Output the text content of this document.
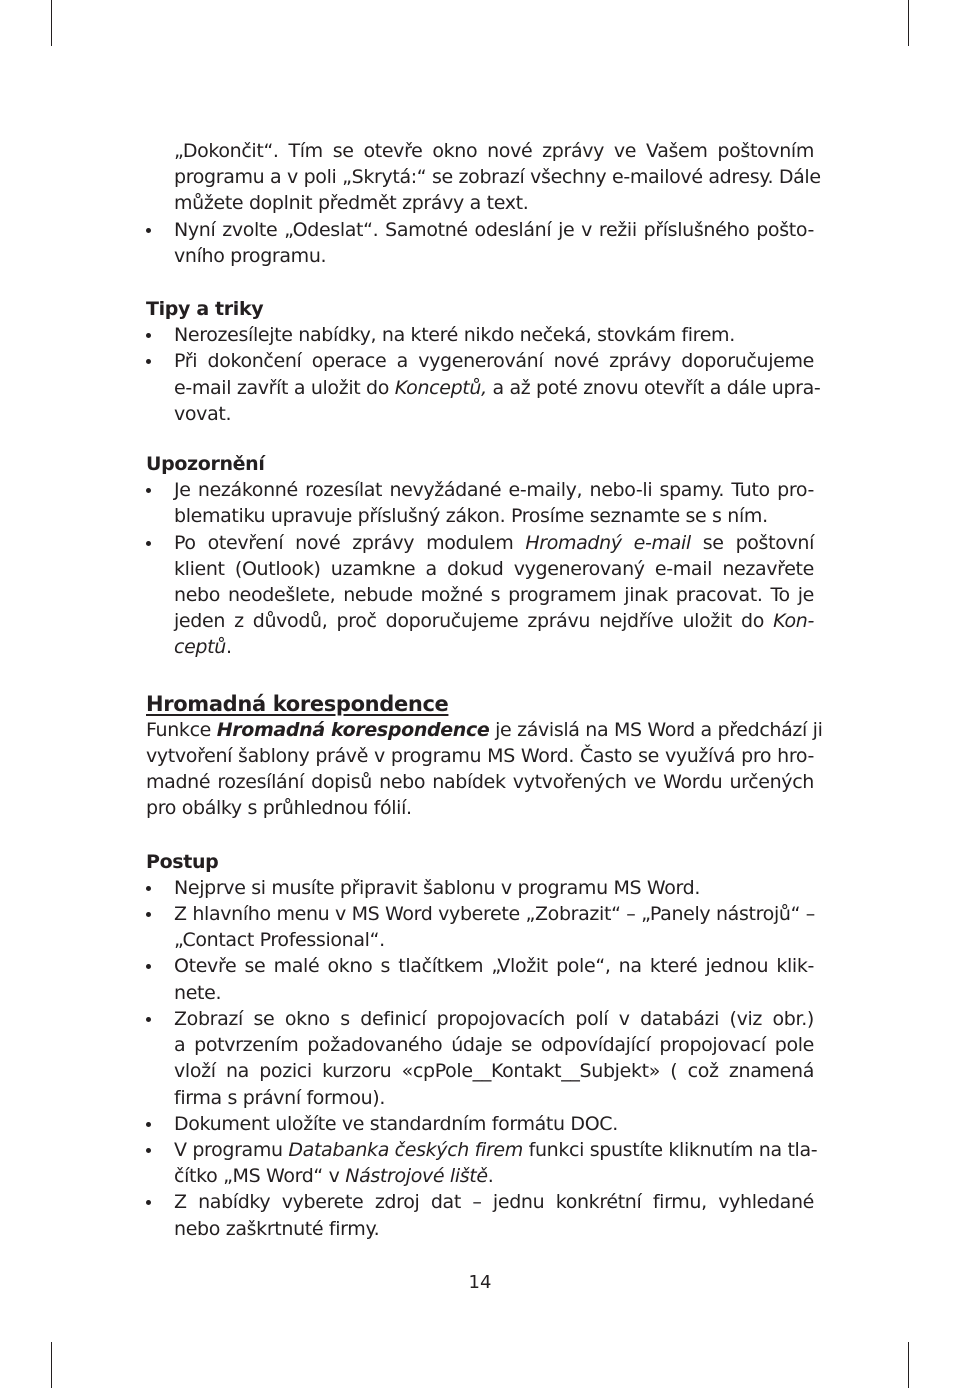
„Dokončit“. Tím se otevře okno nové zprávy ve Vašem poštovním
programu a v poli „Skrytá:“ se zobrazí všechny e-mailové adresy. Dále
můžete doplnit předmět zprávy a text.
Nyní zvolte „Odeslat“. Samotné odeslání je v režii příslušného pošto-
vního programu.
Tipy a triky
Nerozesílejte nabídky, na které nikdo nečeká, stovkám firem.
Při dokončení operace a vygenerování nové zprávy doporučujeme
e-mail zavřít a uložit do Konceptů, a až poté znovu otevřít a dále upra-
vovat.
Upozornění
Je nezákonné rozesílat nevyžádané e-maily, nebo-li spamy. Tuto pro-
blematiku upravuje příslušný zákon. Prosíme seznamte se s ním.
Po otevření nové zprávy modulem Hromadný e-mail se poštovní
klient (Outlook) uzamkne a dokud vygenerovaný e-mail nezavřete
nebo neodešlete, nebude možné s programem jinak pracovat. To je
jeden z důvodů, proč doporučujeme zprávu nejdříve uložit do Kon-
ceptů.
Hromadná korespondence
Funkce Hromadná korespondence je závislá na MS Word a předchází ji
vytvoření šablony právě v programu MS Word. Často se využívá pro hro-
madné rozesílání dopisů nebo nabídek vytvořených ve Wordu určených
pro obálky s průhlednou fólií.
Postup
Nejprve si musíte připravit šablonu v programu MS Word.
Z hlavního menu v MS Word vyberete „Zobrazit“ – „Panely nástrojů“ –
„Contact Professional“.
Otevře se malé okno s tlačítkem „Vložit pole“, na které jednou klik-
nete.
Zobrazí se okno s definicí propojovacích polí v databázi (viz obr.)
a potvrzením požadovaného údaje se odpovídající propojovací pole
vloží na pozici kurzoru «cpPole__Kontakt__Subjekt» ( což znamená
firma s právní formou).
Dokument uložíte ve standardním formátu DOC.
V programu Databanka českých firem funkci spustíte kliknutím na tla-
čítko „MS Word“ v Nástrojové liště.
Z nabídky vyberete zdroj dat – jednu konkrétní firmu, vyhledané
nebo zaškrtnuté firmy.
14
